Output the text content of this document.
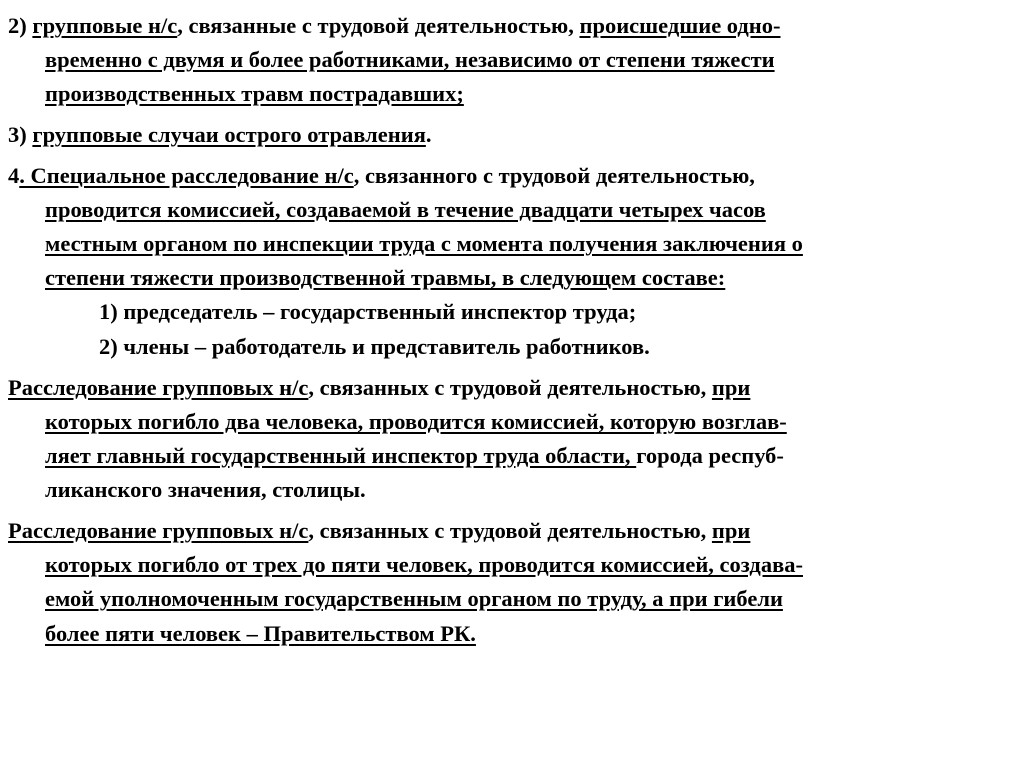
2) групповые н/с, связанные с трудовой деятельностью, происшедшие одно-
временно с двумя и более работниками, независимо от степени тяжести
производственных травм пострадавших;
3) групповые случаи острого отравления.
4. Специальное расследование н/с, связанного с трудовой деятельностью,
проводится комиссией, создаваемой в течение двадцати четырех часов
местным органом по инспекции труда с момента получения заключения о
степени тяжести производственной травмы, в следующем составе:
1) председатель – государственный инспектор труда;
2) члены – работодатель и представитель работников.
Расследование групповых н/с, связанных с трудовой деятельностью, при
которых погибло два человека, проводится комиссией, которую возглав-
ляет главный государственный инспектор труда области, города респуб-
ликанского значения, столицы.
Расследование групповых н/с, связанных с трудовой деятельностью, при
которых погибло от трех до пяти человек, проводится комиссией, создава-
емой уполномоченным государственным органом по труду, а при гибели
более пяти человек – Правительством РК.
